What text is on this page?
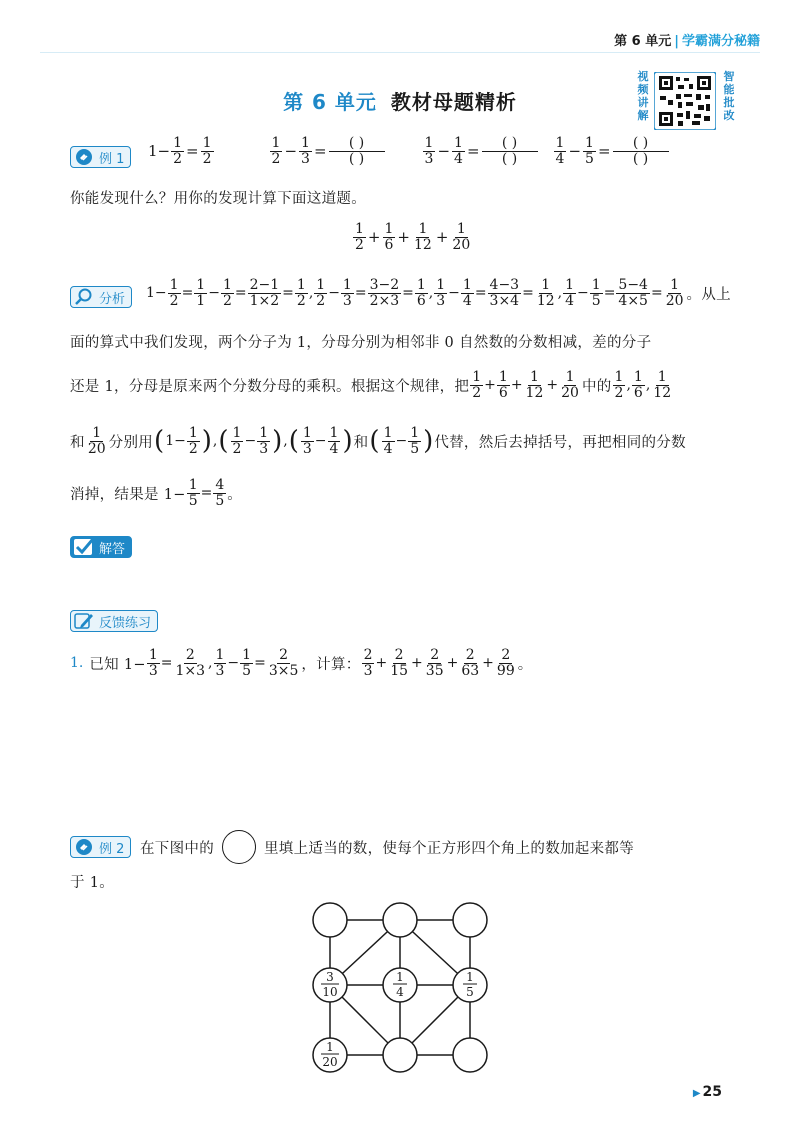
第 6 单元 | 学霸满分秘籍
第 6 单元 教材母题精析
视频讲解
智能批改
例 1 $1- \frac{1}{2} = \frac{1}{2}$	$\frac{1}{2} - \frac{1}{3} = \frac{( )}{( )}$	$\frac{1}{3} - \frac{1}{4} = \frac{( )}{( )} \frac{1}{4} - \frac{1}{5} = \frac{( )}{( )}$
你能发现什么？用你的发现计算下面这道题。
$\frac{1}{2} + \frac{1}{6} + \frac{1}{12} + \frac{1}{20}$
分析 $1- \frac{1}{2} = \frac{1}{1} - \frac{1}{2} = \frac{2-1}{1\times 2} = \frac{1}{2}$ , $\frac{1}{2} - \frac{1}{3} = \frac{3-2}{2\times 3} = \frac{1}{6}$ , $\frac{1}{3} - \frac{1}{4} = \frac{4-3}{3\times 4} = \frac{1}{12}$ , $\frac{1}{4} - \frac{1}{5} = \frac{5-4}{4\times 5} = \frac{1}{20}$ 。从上
面的算式中我们发现，两个分子为 1，分母分别为相邻非 0 自然数的分数相减，差的分子
还是 1，分母是原来两个分数分母的乘积。根据这个规律，把 $\frac{1}{2} + \frac{1}{6} + \frac{1}{12} + \frac{1}{20}$ 中的 $\frac{1}{2}$ , $\frac{1}{6}$ , $\frac{1}{12}$
和 $\frac{1}{20}$ 分别用 ( $1- \frac{1}{2}$ ) , ( $\frac{1}{2} - \frac{1}{3}$ ) , ( $\frac{1}{3} - \frac{1}{4}$ ) 和 ( $\frac{1}{4} - \frac{1}{5}$ ) 代替，然后去掉括号，再把相同的分数
消掉，结果是 $1- \frac{1}{5} = \frac{4}{5}$ 。
解答
反馈练习
1. 已知 $1- \frac{1}{3} = \frac{2}{1\times 3}$ , $\frac{1}{3} - \frac{1}{5} = \frac{2}{3\times 5}$ ，计算： $\frac{2}{3} + \frac{2}{15} + \frac{2}{35} + \frac{2}{63} + \frac{2}{99}$ 。
例 2 在下图中的	里填上适当的数，使每个正方形四个角上的数加起来都等
于 1。
3
10
1
4
1
5
1
20
▶ 25
